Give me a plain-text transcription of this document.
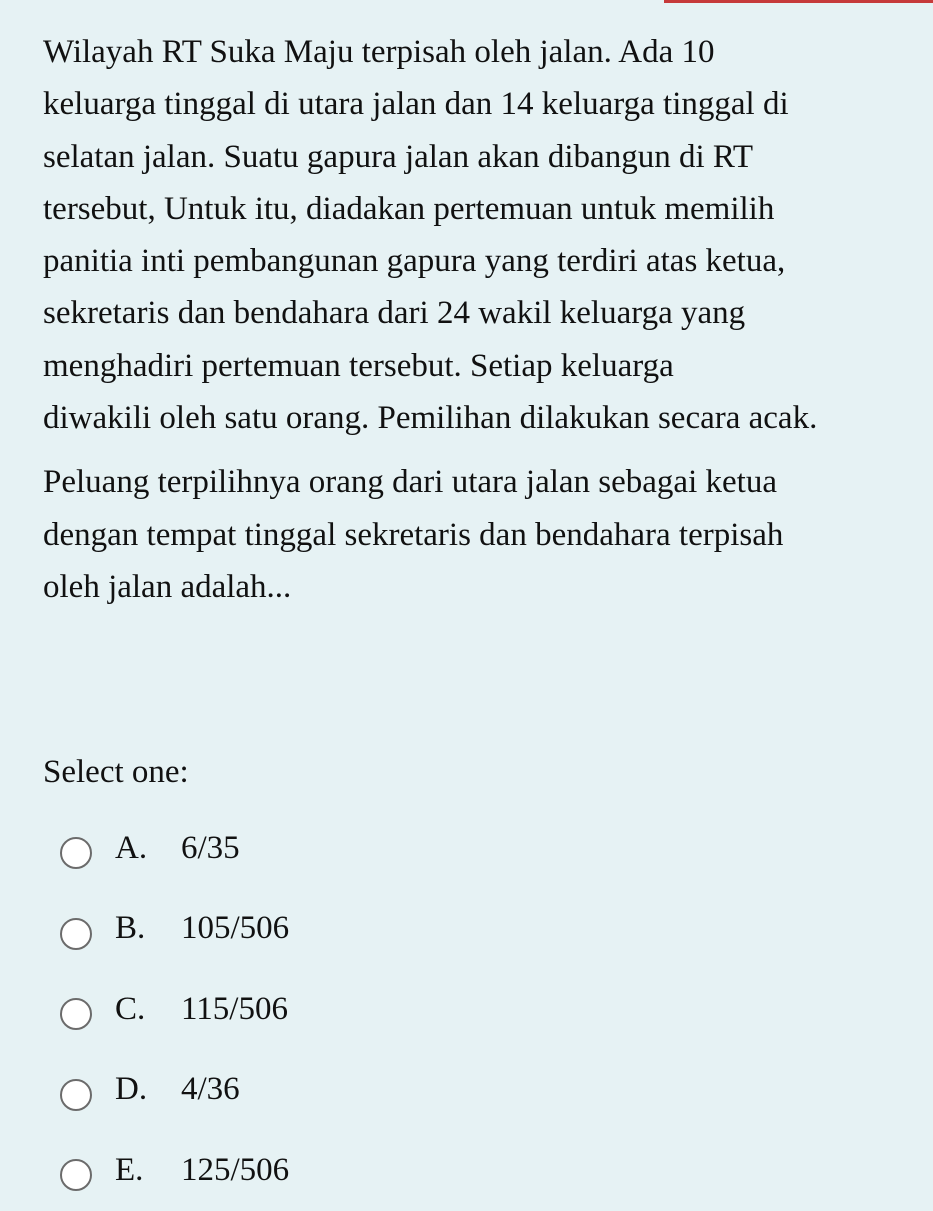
Wilayah RT Suka Maju terpisah oleh jalan. Ada 10
keluarga tinggal di utara jalan dan 14 keluarga tinggal di
selatan jalan. Suatu gapura jalan akan dibangun di RT
tersebut, Untuk itu, diadakan pertemuan untuk memilih
panitia inti pembangunan gapura yang terdiri atas ketua,
sekretaris dan bendahara dari 24 wakil keluarga yang
menghadiri pertemuan tersebut. Setiap keluarga
diwakili oleh satu orang. Pemilihan dilakukan secara acak.

Peluang terpilihnya orang dari utara jalan sebagai ketua
dengan tempat tinggal sekretaris dan bendahara terpisah
oleh jalan adalah...

Select one:

A.	6/35
B.	105/506
C.	115/506
D.	4/36
E.	125/506
